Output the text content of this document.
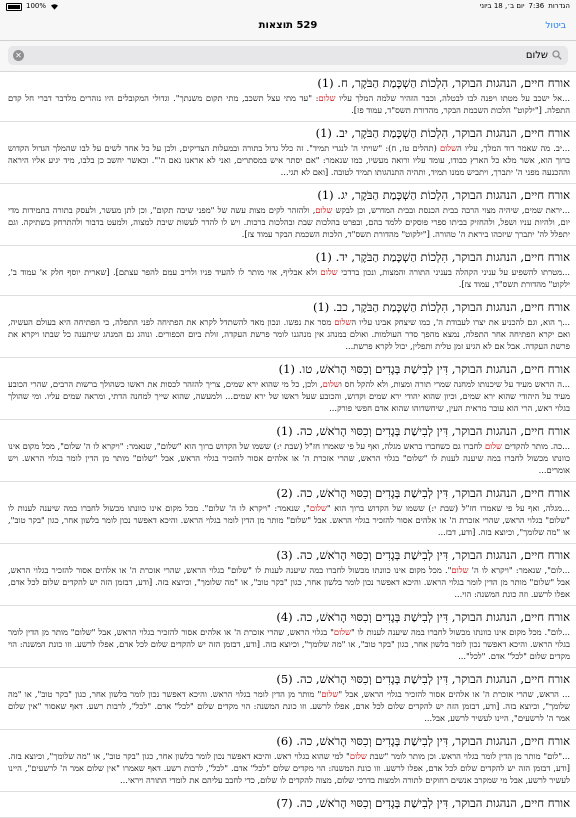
100%	הגדרות
7:36
יום ב׳, 18 ביוני
529 תוצאות	ביטול
שלום
✕
אורח חיים, הנהגות הבוקר, הִלְכוֹת הַשְׁכָּמַת הַבֹּקֶר, ח. (1)
...אל ישכב על מטתו ויפנה לבו לבטלה, וכבר הזהיר שלמה המלך עליו שלום: "עד מתי עצל תשכב, מתי תקום משנתך". וגדולי המקובלים היו נזהרים מלדבר דברי חל קדם התפלה. ["ילקוט" הלכות השכמת הבקר, מהדורת תשס"ד, עמוד פז].
אורח חיים, הנהגות הבוקר, הִלְכוֹת הַשְׁכָּמַת הַבֹּקֶר, יב. (1)
...יב. מה שאמר דוד המלך, עליו השלום (תהלים טז, ח): "שויתי ה' לנגדי תמיד". זה כלל גדול בתורה ובמעלות הצדיקים, ולכן על כל אחד לשים על לבו שהמלך הגדול הקדוש ברוך הוא, אשר מלא כל הארץ כבודו, עומד עליו ורואה מעשיו, כמו שנאמר: "אם יסתר איש במסתרים, ואני לא אראנו נאם ה'". וכאשר יחשב כן בלבו, מיד יגיע אליו היראה וההכנעה מפני ה' יתברך, ויתביש ממנו תמיד, ותהיה התנהגותו תמיד לטובה. [ואם לא תגי...
אורח חיים, הנהגות הבוקר, הִלְכוֹת הַשְׁכָּמַת הַבֹּקֶר, יג. (1)
...יראת שמים, שיהיה מצוי הרבה בבית הכנסת ובבית המדרש, וכן לבקש שלום, ולהזהר לקים מצות עשה של "מפני שיבה תקום", וכן לתן מעשר, ולעסק בתורה בתמידות מדי יום, ולהיות עניו ושפל, ולהחזיק בביתו ספרי פוסקים ללמד בהם, ובפרט בהלכות שבת ובהלכות ברכות. ויש לו להדר לעשות שיבת למצוה, ולמעט בדבור ולהתרחק בשתיקה. וגם יתפלל לה' יתברך שיזכהו ביראת ה' טהורה. ["ילקוט" מהדורת תשס"ד, הלכות השכמת הבקר עמוד צז].
אורח חיים, הנהגות הבוקר, הִלְכוֹת הַשְׁכָּמַת הַבֹּקֶר, יד. (1)
...מטרתו להשפיע על עניני הקהלה בעניני התורה והמצות, ונכון ברדכי שלום ולא אבליף, אזי מותר לו להעיד פניו ולריב עמם להפר עצתם]. [שארית יוסף חלק א' עמוד ב', ילקוט" מהדורת תשס"ד, עמוד צז].
אורח חיים, הנהגות הבוקר, הִלְכוֹת הַשְׁכָּמַת הַבֹּקֶר, כב. (1)
...ך הוא, וגם להכניע את יצרו לעבודת ה', כמו שיצחק אבינו עליו השלום מסר את נפשו. ונכון מאד להשתדל לקרא את הפתיחה לפני התפלה, כי הפתיחה היא בעולם העשיה, ואם יקרא הפתיחה אחר התפלה, נמצא מהפך סדר העולמות. ואולם במנהג אין מנהגנו לומר פרשת העקדה, זולת ביום הכפורים. ונוהג גם המנהג שיתענה כל שבתו ויקרא את פרשת העקדה. אבל אם לא הגיע זמן טלית ותפלין, יכול לקרא פרשת...
אורח חיים, הנהגות הבוקר, דִּין לְבִישַׁת בְּגָדִים וְכִסּוּי הָרֹאשׁ, טו. (1)
...ה הראש מעיד על שיכנותו למחנה שמרי תורה ומצות, ולא להקל חס ושלום, ולכן, כל מי שהוא ירא שמים, צריך להזהר לכסות את ראשו כשהולך ברשות הרבים, שהרי הכובע מעיד על היהודי שהוא ירא שמים, וכיון שהוא יהודי ירא שמים וקדוש, והכובע שעל ראשו של ירא שמים... ולמעשה, שהוא שייך למחנה הדתי, ומראה שמים עליו. ומי שהולך בגלוי ראש, הרי הוא עובר מראית העין, שיחשדוהו שהוא אדם חפשי פורק...
אורח חיים, הנהגות הבוקר, דִּין לְבִישַׁת בְּגָדִים וְכִסּוּי הָרֹאשׁ, כה. (1)
...כה. מותר להקדים שלום לחברו גם כשחברו בראש מגלה, ואף על פי שאמרו חז"ל (שבת י:) ששמו של הקדוש ברוך הוא "שלום", שנאמר: "ויקרא לו ה' שלום", מכל מקום אינו כוונתו מכשול לחברו במה שיענה לענות לו "שלום" בגלוי הראש, שהרי אזכרת ה' או אלהים אסור להזכיר בגלוי הראש, אבל "שלום" מותר מן הדין לומר בגלוי הראש. ויש אומרים...
אורח חיים, הנהגות הבוקר, דִּין לְבִישַׁת בְּגָדִים וְכִסּוּי הָרֹאשׁ, כה. (2)
...מגלה, ואף על פי שאמרו חז"ל (שבת י:) ששמו של הקדוש ברוך הוא "שלום", שנאמר: "ויקרא לו ה' שלום". מכל מקום אינו כוונתו מכשול לחברו במה שיענה לענות לו "שלום" בגלוי הראש, שהרי אזכרת ה' או אלהים אסור להזכיר בגלוי הראש. אבל "שלום" מותר מן הדין לומר בגלוי הראש. והיכא דאפשר נכון לומר בלשון אחר, כגון "בקר טוב", או "מה שלומך", וכיוצא בזה. [ודע, דבז...
אורח חיים, הנהגות הבוקר, דִּין לְבִישַׁת בְּגָדִים וְכִסּוּי הָרֹאשׁ, כה. (3)
...לום", שנאמר: "ויקרא לו ה' שלום". מכל מקום אינו כוונתו מכשול לחברו במה שיענה לענות לו "שלום" בגלוי הראש, שהרי אזכרת ה' או אלהים אסור להזכיר בגלוי הראש, אבל "שלום" מותר מן הדין לומר בגלוי הראש. והיכא דאפשר נכון לומר בלשון אחר, כגון "בקר טוב", או "מה שלומך", וכיוצא בזה. [ודע, דבזמן הזה יש להקדים שלום לכל אדם, אפלו לרשע. וזה כונת המשנה: הוי...
אורח חיים, הנהגות הבוקר, דִּין לְבִישַׁת בְּגָדִים וְכִסּוּי הָרֹאשׁ, כה. (4)
...לום". מכל מקום אינו כוונתו מכשול לחברו במה שיענה לענות לו "שלום" בגלוי הראש, שהרי אזכרת ה' או אלהים אסור להזכיר בגלוי הראש, אבל "שלום" מותר מן הדין לומר בגלוי הראש. והיכא דאפשר נכון לומר בלשון אחר, כגון "בקר טוב", או "מה שלומך", וכיוצא בזה. [ודע, דבזמן הזה יש להקדים שלום לכל אדם, אפלו לרשע. וזו כונת המשנה: הוי מקדים שלום "לכל" אדם. "לכל"...
אורח חיים, הנהגות הבוקר, דִּין לְבִישַׁת בְּגָדִים וְכִסּוּי הָרֹאשׁ, כה. (5)
... הראש, שהרי אזכרת ה' או אלהים אסור להזכיר בגלוי הראש, אבל "שלום" מותר מן הדין לומר בגלוי הראש. והיכא דאפשר נכון לומר בלשון אחר, כגון "בקר טוב", או "מה שלומך", וכיוצא בזה. [ודע, דבזמן הזה יש להקדים שלום לכל אדם, אפלו לרשע. וזו כונת המשנה: הוי מקדים שלום "לכל" אדם. "לכל", לרבות רשע. דאף שאסור "אין שלום אמר ה' לרשעים", היינו לעשיר לרשע, אבל...
אורח חיים, הנהגות הבוקר, דִּין לְבִישַׁת בְּגָדִים וְכִסּוּי הָרֹאשׁ, כה. (6)
..."לום" מותר מן הדין לומר בגלוי הראש. וכן מותר לומר "שבת שלום" למי שהוא בגלוי ראש. והיכא דאפשר נכון לומר בלשון אחר, כגון "בקר טוב", או "מה שלומך", וכיוצא בזה. [ודע, דבזמן הזה יש להקדים שלום לכל אדם, אפלו לרשע. וזו כונת המשנה: הוי מקדים שלום "לכל" אדם. "לכל", לרבות רשע. דאף שאמרו "אין שלום אמר ה' לרשעים", היינו לעשיר לרשע, אבל מי שמקרב אנשים רחוקים לתורה ולמצות בדרכי שלום, מצוה להקדים לו שלום, כדי לחבב עליהם את לומדי התורה ויראי...
אורח חיים, הנהגות הבוקר, דִּין לְבִישַׁת בְּגָדִים וְכִסּוּי הָרֹאשׁ, כה. (7)
